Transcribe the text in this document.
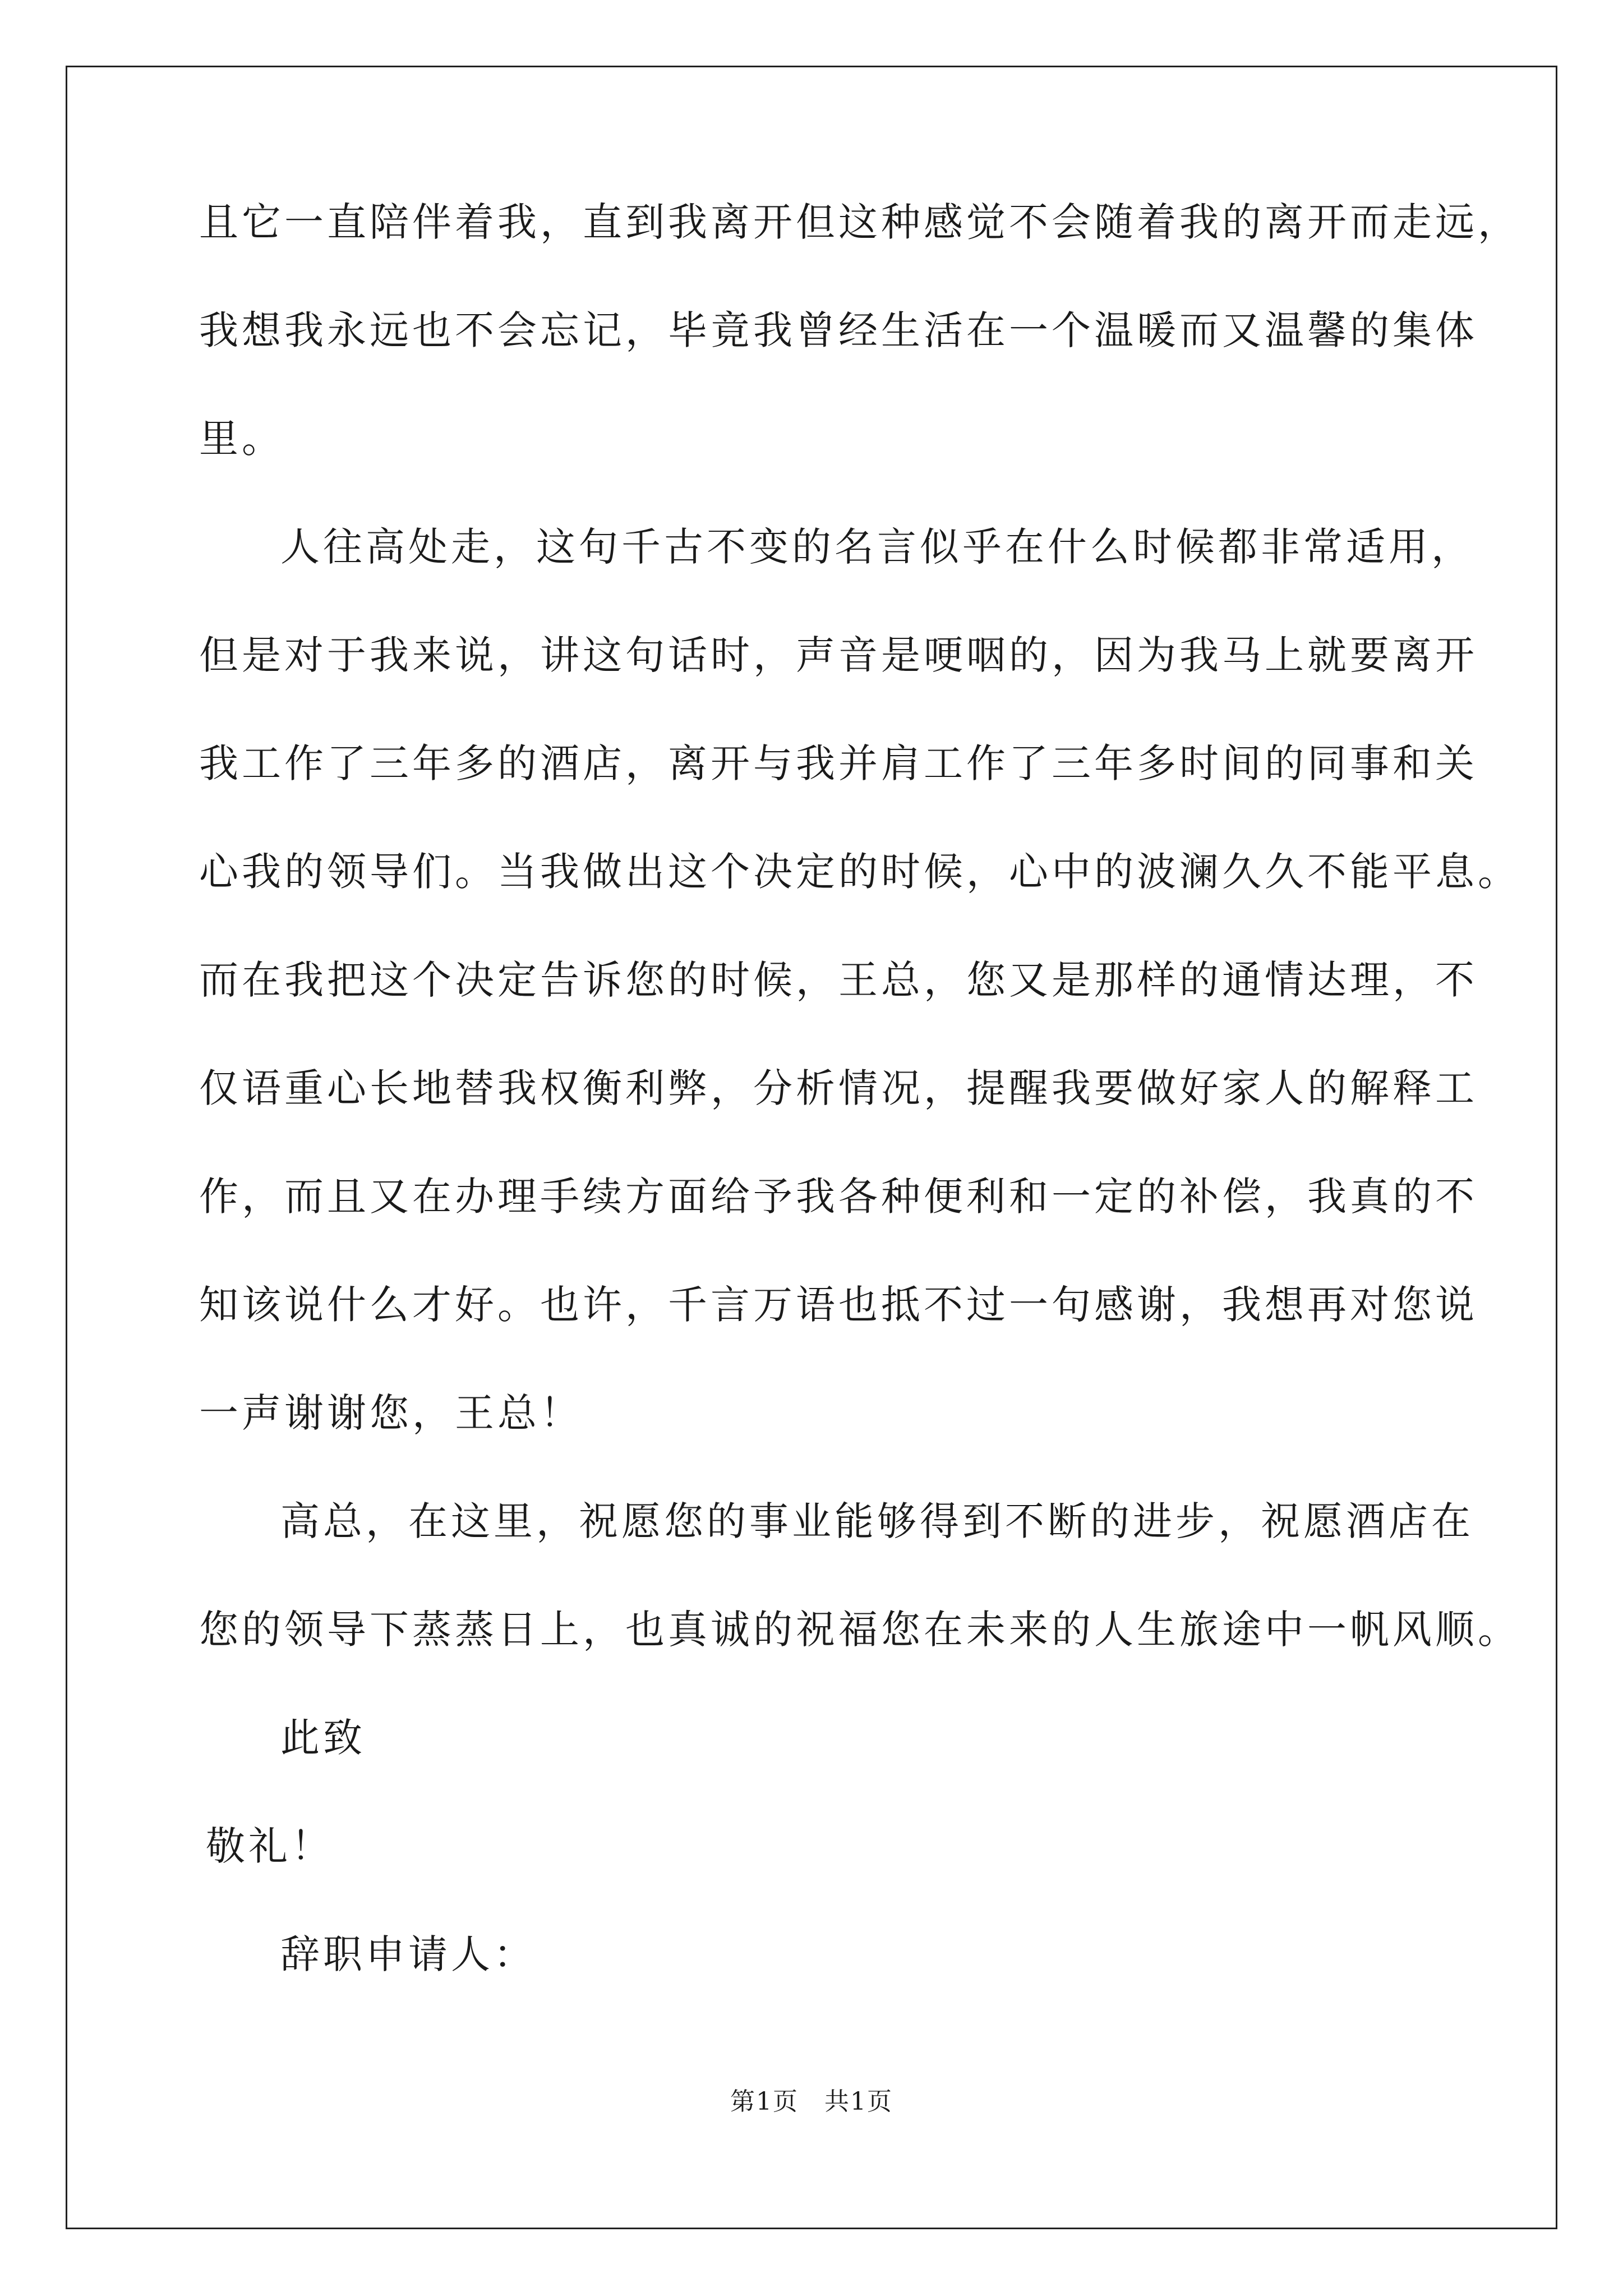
且它一直陪伴着我，直到我离开但这种感觉不会随着我的离开而走远，
我想我永远也不会忘记，毕竟我曾经生活在一个温暖而又温馨的集体
里。
人往高处走，这句千古不变的名言似乎在什么时候都非常适用，
但是对于我来说，讲这句话时，声音是哽咽的，因为我马上就要离开
我工作了三年多的酒店，离开与我并肩工作了三年多时间的同事和关
心我的领导们。当我做出这个决定的时候，心中的波澜久久不能平息。
而在我把这个决定告诉您的时候，王总，您又是那样的通情达理，不
仅语重心长地替我权衡利弊，分析情况，提醒我要做好家人的解释工
作，而且又在办理手续方面给予我各种便利和一定的补偿，我真的不
知该说什么才好。也许，千言万语也抵不过一句感谢，我想再对您说
一声谢谢您，王总！
高总，在这里，祝愿您的事业能够得到不断的进步，祝愿酒店在
您的领导下蒸蒸日上，也真诚的祝福您在未来的人生旅途中一帆风顺。
此致
敬礼！
辞职申请人：
第1页　共1页
